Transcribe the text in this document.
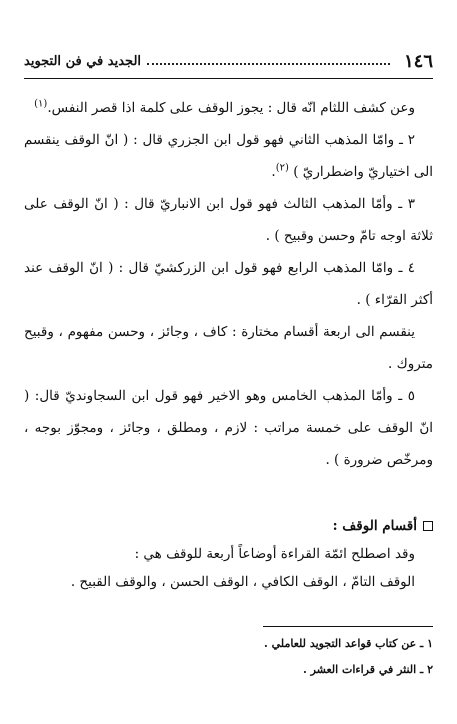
١٤٦
الجديد في فن التجويد

وعن كشف اللثام انّه قال : يجوز الوقف على كلمة اذا قصر النفس.$^{(١)}$

٢ ـ وامّا المذهب الثاني فهو قول ابن الجزري قال : ( انّ الوقف ينقسم الى اختياريّ واضطراريّ ) $^{(٢)}$.

٣ ـ وأمّا المذهب الثالث فهو قول ابن الانباريّ قال : ( انّ الوقف على ثلاثة اوجه تامّ وحسن وقبيح ) .

٤ ـ وامّا المذهب الرابع فهو قول ابن الزركشيّ قال : ( انّ الوقف عند أكثر القرّاء ) .

ينقسم الى اربعة أقسام مختارة : كاف ، وجائز ، وحسن مفهوم ، وقبيح متروك .

٥ ـ وأمّا المذهب الخامس وهو الاخير فهو قول ابن السجاونديّ قال: ( انّ الوقف على خمسة مراتب : لازم ، ومطلق ، وجائز ، ومجوّز بوجه ، ومرخّص ضرورة ) .

أقسام الوقف :
وقد اصطلح ائمّة القراءة أوضاعاً أربعة للوقف هي :
الوقف التامّ ، الوقف الكافي ، الوقف الحسن ، والوقف القبيح .
١ ـ عن كتاب قواعد التجويد للعاملي .
٢ ـ النثر في قراءات العشر .
